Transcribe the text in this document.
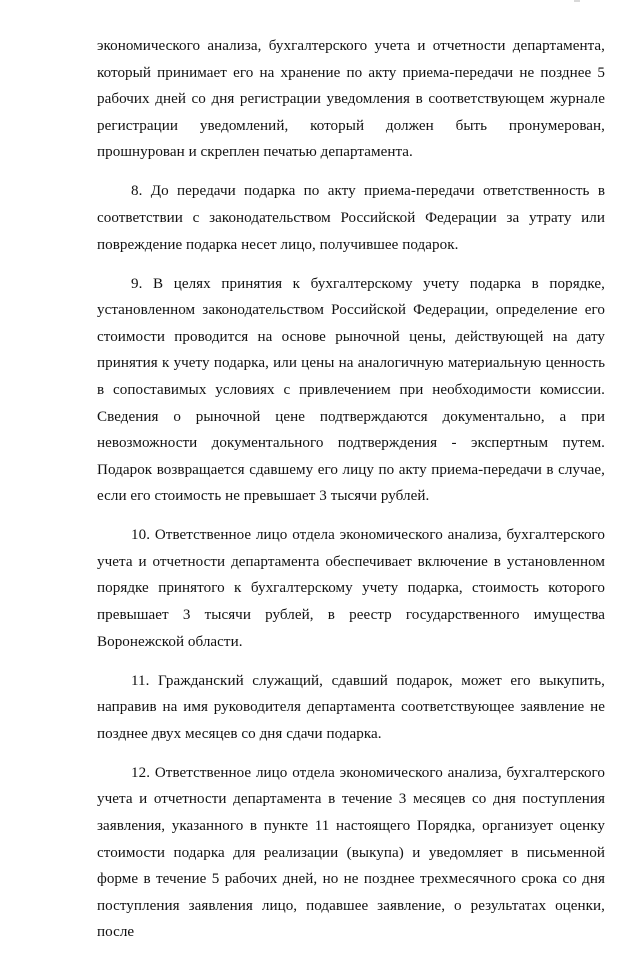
экономического анализа, бухгалтерского учета и отчетности департамента, который принимает его на хранение по акту приема-передачи не позднее 5 рабочих дней со дня регистрации уведомления в соответствующем журнале регистрации уведомлений, который должен быть пронумерован, прошнурован и скреплен печатью департамента.

8. До передачи подарка по акту приема-передачи ответственность в соответствии с законодательством Российской Федерации за утрату или повреждение подарка несет лицо, получившее подарок.

9. В целях принятия к бухгалтерскому учету подарка в порядке, установленном законодательством Российской Федерации, определение его стоимости проводится на основе рыночной цены, действующей на дату принятия к учету подарка, или цены на аналогичную материальную ценность в сопоставимых условиях с привлечением при необходимости комиссии. Сведения о рыночной цене подтверждаются документально, а при невозможности документального подтверждения - экспертным путем. Подарок возвращается сдавшему его лицу по акту приема-передачи в случае, если его стоимость не превышает 3 тысячи рублей.

10. Ответственное лицо отдела экономического анализа, бухгалтерского учета и отчетности департамента обеспечивает включение в установленном порядке принятого к бухгалтерскому учету подарка, стоимость которого превышает 3 тысячи рублей, в реестр государственного имущества Воронежской области.

11. Гражданский служащий, сдавший подарок, может его выкупить, направив на имя руководителя департамента соответствующее заявление не позднее двух месяцев со дня сдачи подарка.

12. Ответственное лицо отдела экономического анализа, бухгалтерского учета и отчетности департамента в течение 3 месяцев со дня поступления заявления, указанного в пункте 11 настоящего Порядка, организует оценку стоимости подарка для реализации (выкупа) и уведомляет в письменной форме в течение 5 рабочих дней, но не позднее трехмесячного срока со дня поступления заявления лицо, подавшее заявление, о результатах оценки, после
